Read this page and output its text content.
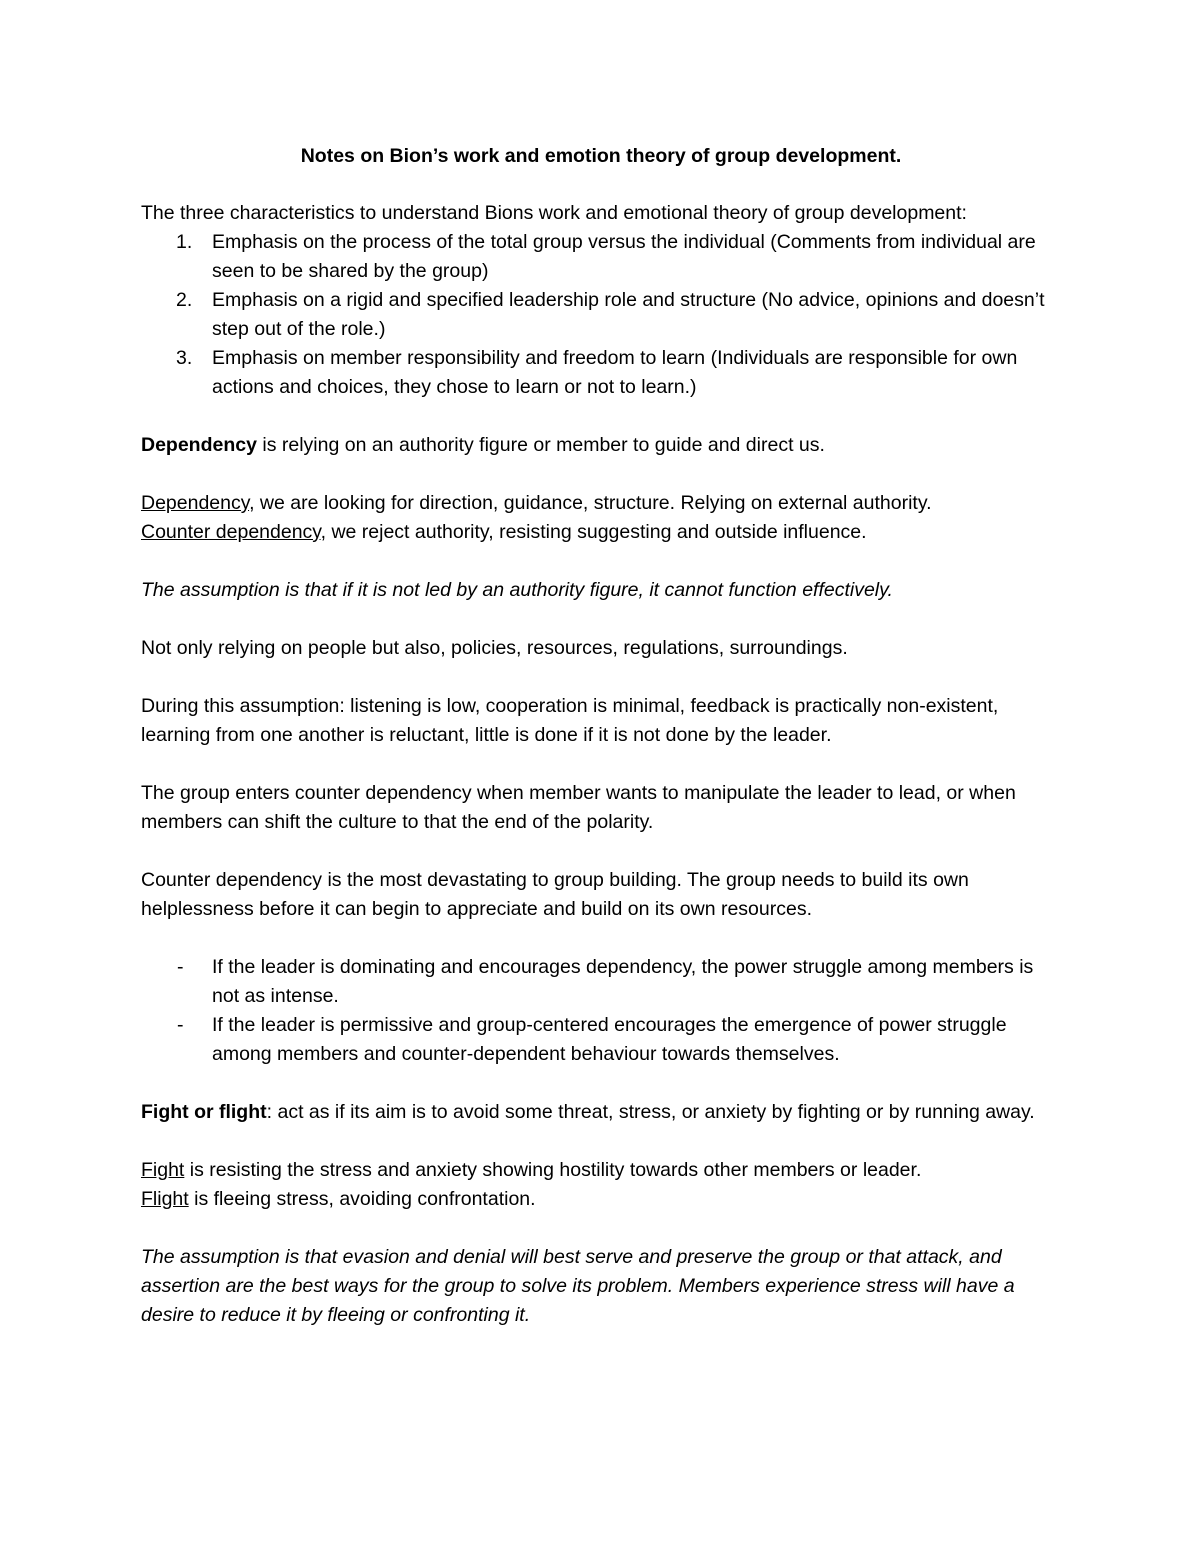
Notes on Bion’s work and emotion theory of group development.

The three characteristics to understand Bions work and emotional theory of group development:

1. Emphasis on the process of the total group versus the individual (Comments from individual are seen to be shared by the group)
2. Emphasis on a rigid and specified leadership role and structure (No advice, opinions and doesn’t step out of the role.)
3. Emphasis on member responsibility and freedom to learn (Individuals are responsible for own actions and choices, they chose to learn or not to learn.)

Dependency is relying on an authority figure or member to guide and direct us.

Dependency, we are looking for direction, guidance, structure. Relying on external authority.

Counter dependency, we reject authority, resisting suggesting and outside influence.

The assumption is that if it is not led by an authority figure, it cannot function effectively.

Not only relying on people but also, policies, resources, regulations, surroundings.

During this assumption: listening is low, cooperation is minimal, feedback is practically non-existent, learning from one another is reluctant, little is done if it is not done by the leader.

The group enters counter dependency when member wants to manipulate the leader to lead, or when members can shift the culture to that the end of the polarity.

Counter dependency is the most devastating to group building. The group needs to build its own helplessness before it can begin to appreciate and build on its own resources.

- If the leader is dominating and encourages dependency, the power struggle among members is not as intense.
- If the leader is permissive and group-centered encourages the emergence of power struggle among members and counter-dependent behaviour towards themselves.

Fight or flight: act as if its aim is to avoid some threat, stress, or anxiety by fighting or by running away.

Fight is resisting the stress and anxiety showing hostility towards other members or leader.

Flight is fleeing stress, avoiding confrontation.

The assumption is that evasion and denial will best serve and preserve the group or that attack, and assertion are the best ways for the group to solve its problem. Members experience stress will have a desire to reduce it by fleeing or confronting it.
